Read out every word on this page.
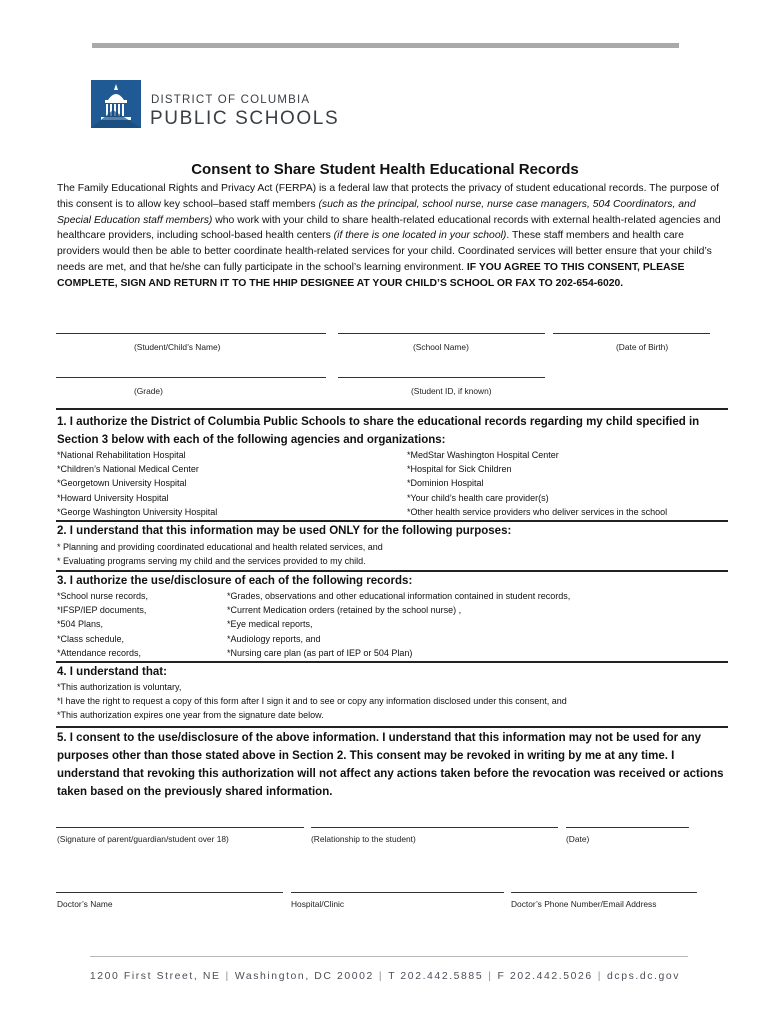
DISTRICT OF COLUMBIA
PUBLIC SCHOOLS
Consent to Share Student Health Educational Records
The Family Educational Rights and Privacy Act (FERPA) is a federal law that protects the privacy of student educational records. The purpose of this consent is to allow key school–based staff members (such as the principal, school nurse, nurse case managers, 504 Coordinators, and Special Education staff members) who work with your child to share health-related educational records with external health-related agencies and healthcare providers, including school-based health centers (if there is one located in your school). These staff members and health care providers would then be able to better coordinate health-related services for your child. Coordinated services will better ensure that your child’s needs are met, and that he/she can fully participate in the school’s learning environment. IF YOU AGREE TO THIS CONSENT, PLEASE COMPLETE, SIGN AND RETURN IT TO THE HHIP DESIGNEE AT YOUR CHILD’S SCHOOL OR FAX TO 202-654-6020.
(Student/Child’s Name)	(School Name)	(Date of Birth)
(Grade)	(Student ID, if known)
1. I authorize the District of Columbia Public Schools to share the educational records regarding my child specified in Section 3 below with each of the following agencies and organizations:
*National Rehabilitation Hospital
*Children’s National Medical Center
*Georgetown University Hospital
*Howard University Hospital
*George Washington University Hospital
*MedStar Washington Hospital Center
*Hospital for Sick Children
*Dominion Hospital
*Your child’s health care provider(s)
*Other health service providers who deliver services in the school
2. I understand that this information may be used ONLY for the following purposes:
* Planning and providing coordinated educational and health related services, and
* Evaluating programs serving my child and the services provided to my child.
3. I authorize the use/disclosure of each of the following records:
*School nurse records,
*IFSP/IEP documents,
*504 Plans,
*Class schedule,
*Attendance records,
*Grades, observations and other educational information contained in student records,
*Current Medication orders (retained by the school nurse) ,
*Eye medical reports,
*Audiology reports, and
*Nursing care plan (as part of IEP or 504 Plan)
4. I understand that:
*This authorization is voluntary,
*I have the right to request a copy of this form after I sign it and to see or copy any information disclosed under this consent, and
*This authorization expires one year from the signature date below.
5. I consent to the use/disclosure of the above information. I understand that this information may not be used for any purposes other than those stated above in Section 2. This consent may be revoked in writing by me at any time. I understand that revoking this authorization will not affect any actions taken before the revocation was received or actions taken based on the previously shared information.
(Signature of parent/guardian/student over 18)	(Relationship to the student)	(Date)
Doctor’s Name	Hospital/Clinic	Doctor’s Phone Number/Email Address
1200 First Street, NE | Washington, DC 20002 | T 202.442.5885 | F 202.442.5026 | dcps.dc.gov
